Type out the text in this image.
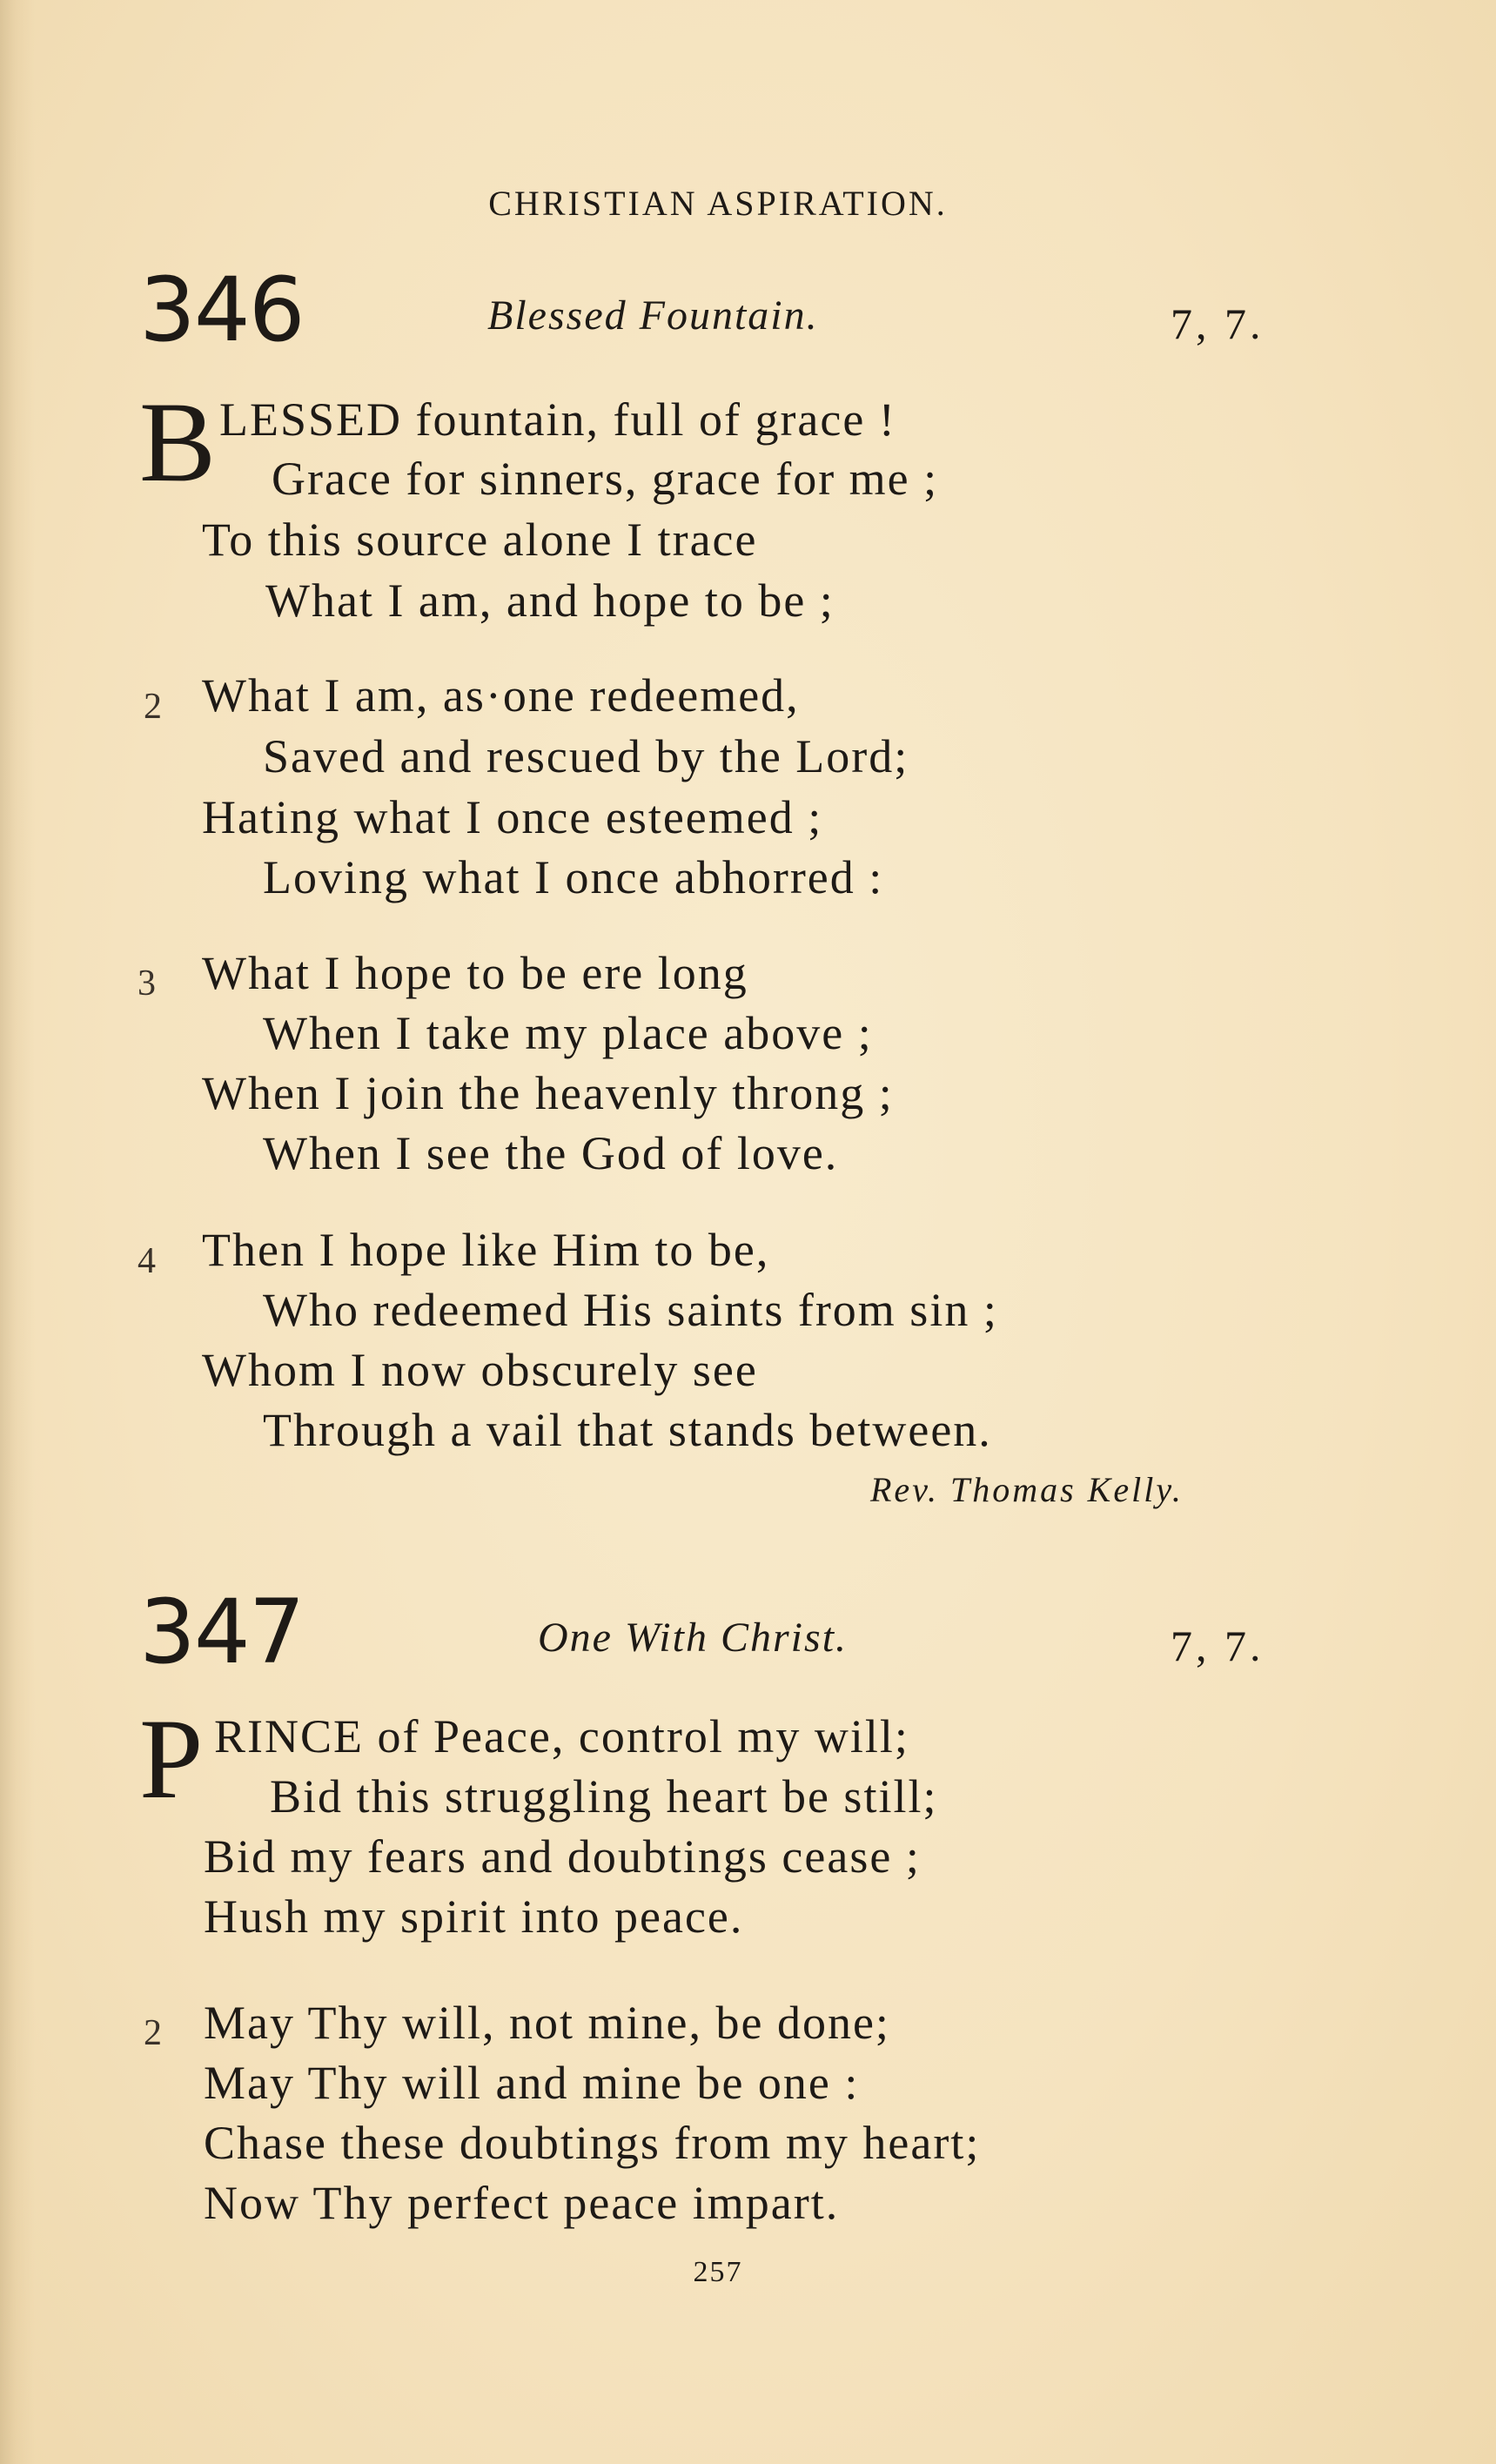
CHRISTIAN ASPIRATION.
346	Blessed Fountain.	7, 7.
B LESSED fountain, full of grace !
Grace for sinners, grace for me ;
To this source alone I trace
What I am, and hope to be ;
2 What I am, as·one redeemed,
Saved and rescued by the Lord;
Hating what I once esteemed ;
Loving what I once abhorred :
3 What I hope to be ere long
When I take my place above ;
When I join the heavenly throng ;
When I see the God of love.
4 Then I hope like Him to be,
Who redeemed His saints from sin ;
Whom I now obscurely see
Through a vail that stands between.
Rev. Thomas Kelly.
347	One With Christ.	7, 7.
P RINCE of Peace, control my will;
Bid this struggling heart be still;
Bid my fears and doubtings cease ;
Hush my spirit into peace.
2 May Thy will, not mine, be done;
May Thy will and mine be one :
Chase these doubtings from my heart;
Now Thy perfect peace impart.
257
